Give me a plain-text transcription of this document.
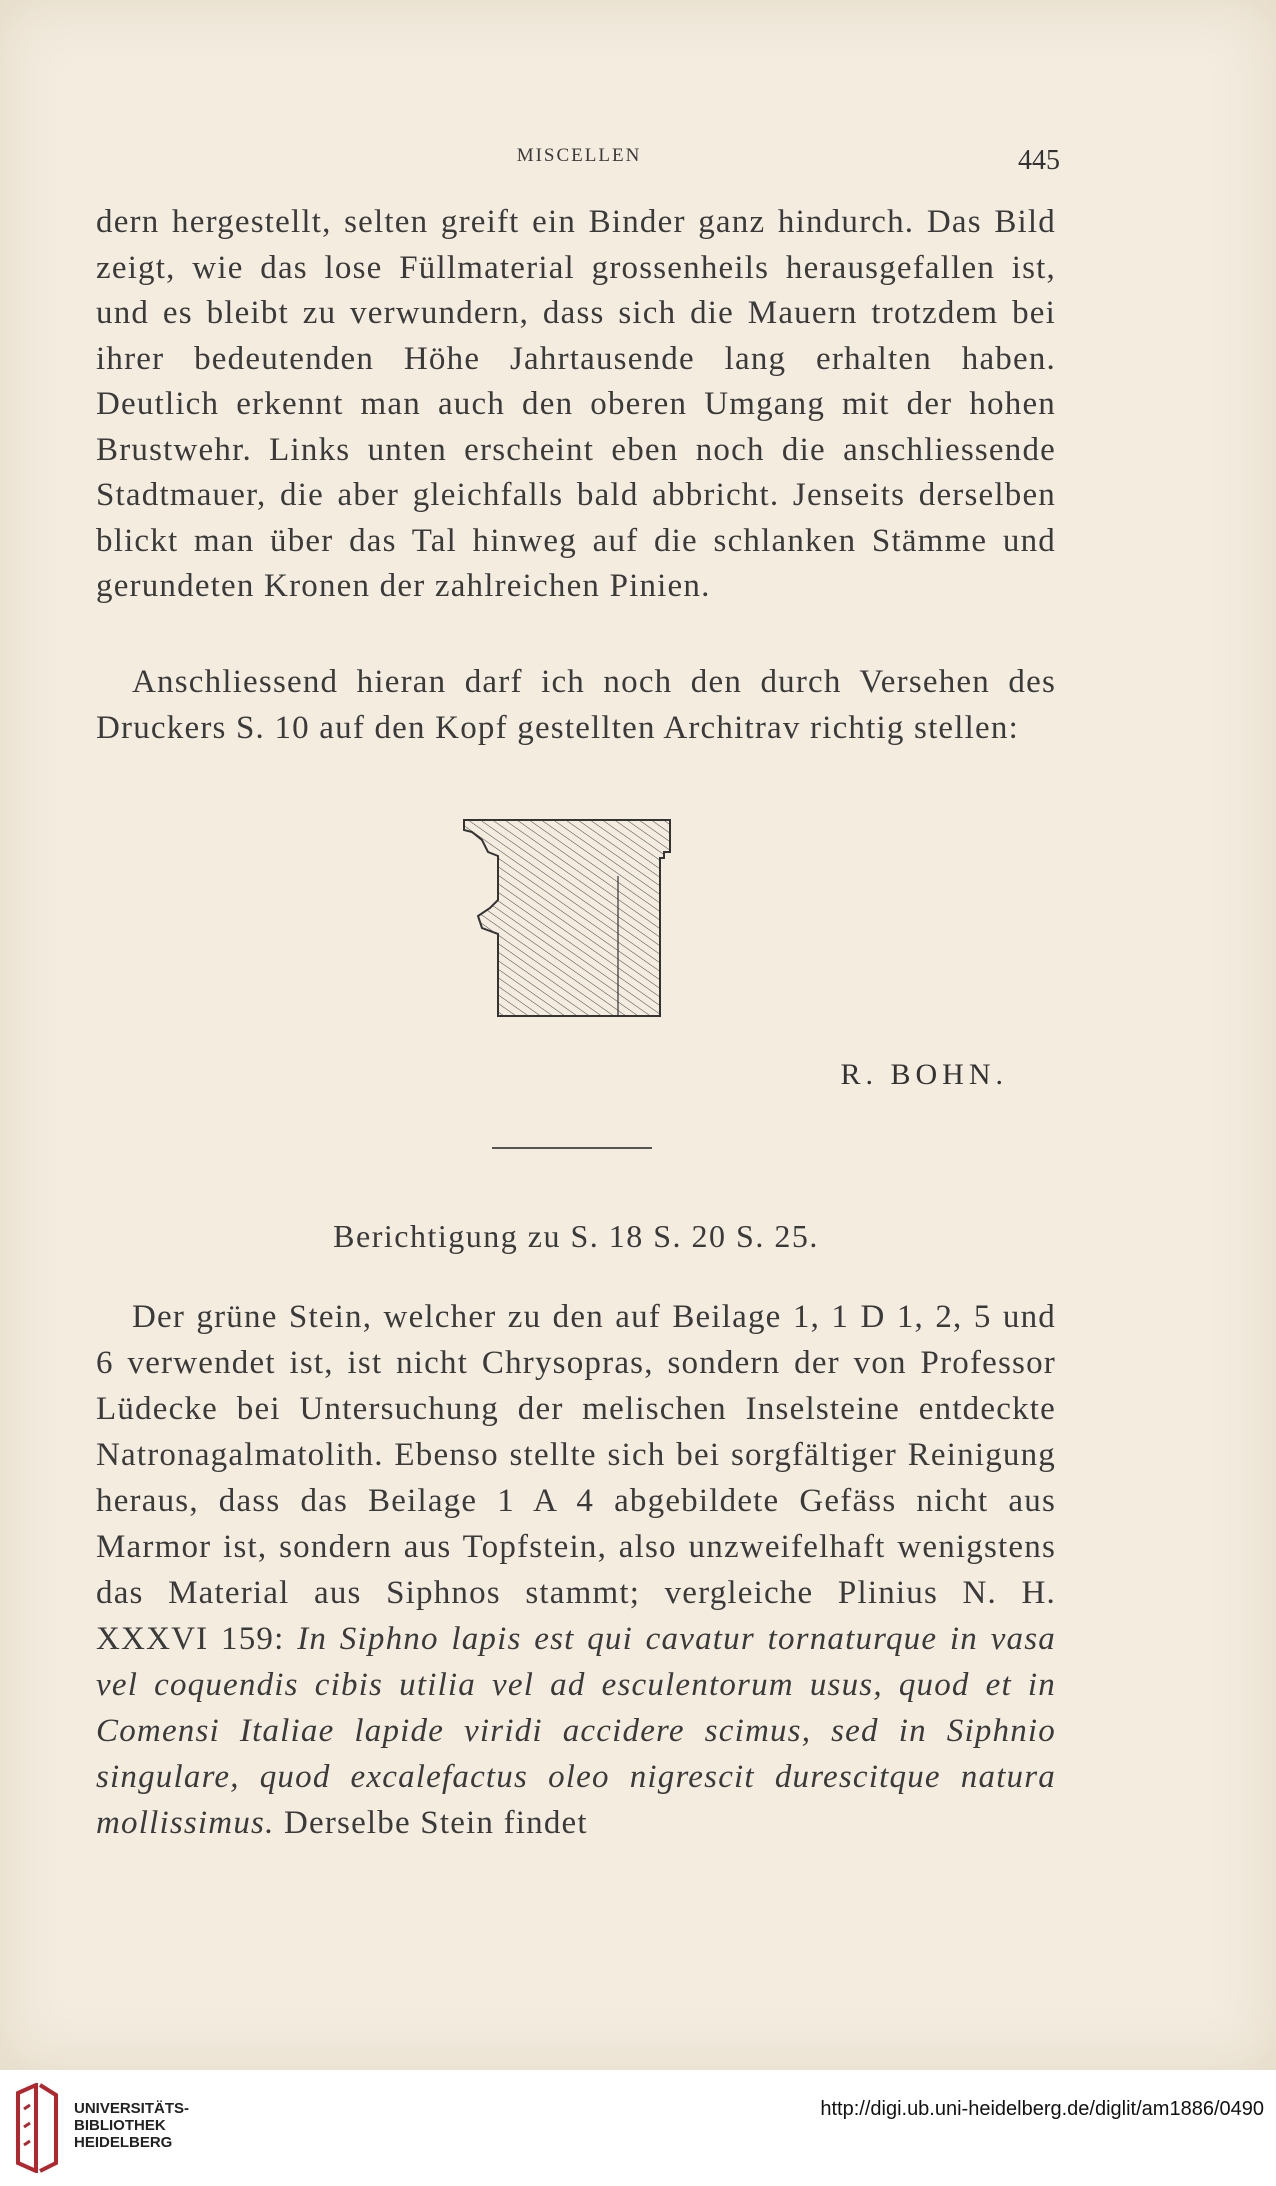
MISCELLEN	445

dern hergestellt, selten greift ein Binder ganz hindurch. Das Bild zeigt, wie das lose Füllmaterial grossenheils herausgefallen ist, und es bleibt zu verwundern, dass sich die Mauern trotzdem bei ihrer bedeutenden Höhe Jahrtausende lang erhalten haben. Deutlich erkennt man auch den oberen Umgang mit der hohen Brustwehr. Links unten erscheint eben noch die anschliessende Stadtmauer, die aber gleichfalls bald abbricht. Jenseits derselben blickt man über das Tal hinweg auf die schlanken Stämme und gerundeten Kronen der zahlreichen Pinien.

Anschliessend hieran darf ich noch den durch Versehen des Druckers S. 10 auf den Kopf gestellten Architrav richtig stellen:

R. BOHN.
Berichtigung zu S. 18 S. 20 S. 25.

Der grüne Stein, welcher zu den auf Beilage 1, 1 D 1, 2, 5 und 6 verwendet ist, ist nicht Chrysopras, sondern der von Professor Lüdecke bei Untersuchung der melischen Inselsteine entdeckte Natronagalmatolith. Ebenso stellte sich bei sorgfältiger Reinigung heraus, dass das Beilage 1 A 4 abgebildete Gefäss nicht aus Marmor ist, sondern aus Topfstein, also unzweifelhaft wenigstens das Material aus Siphnos stammt; vergleiche Plinius N. H. XXXVI 159: In Siphno lapis est qui cavatur tornaturque in vasa vel coquendis cibis utilia vel ad esculentorum usus, quod et in Comensi Italiae lapide viridi accidere scimus, sed in Siphnio singulare, quod excalefactus oleo nigrescit durescitque natura mollissimus. Derselbe Stein findet

UNIVERSITÄTS-
BIBLIOTHEK
HEIDELBERG
http://digi.ub.uni-heidelberg.de/diglit/am1886/0490
